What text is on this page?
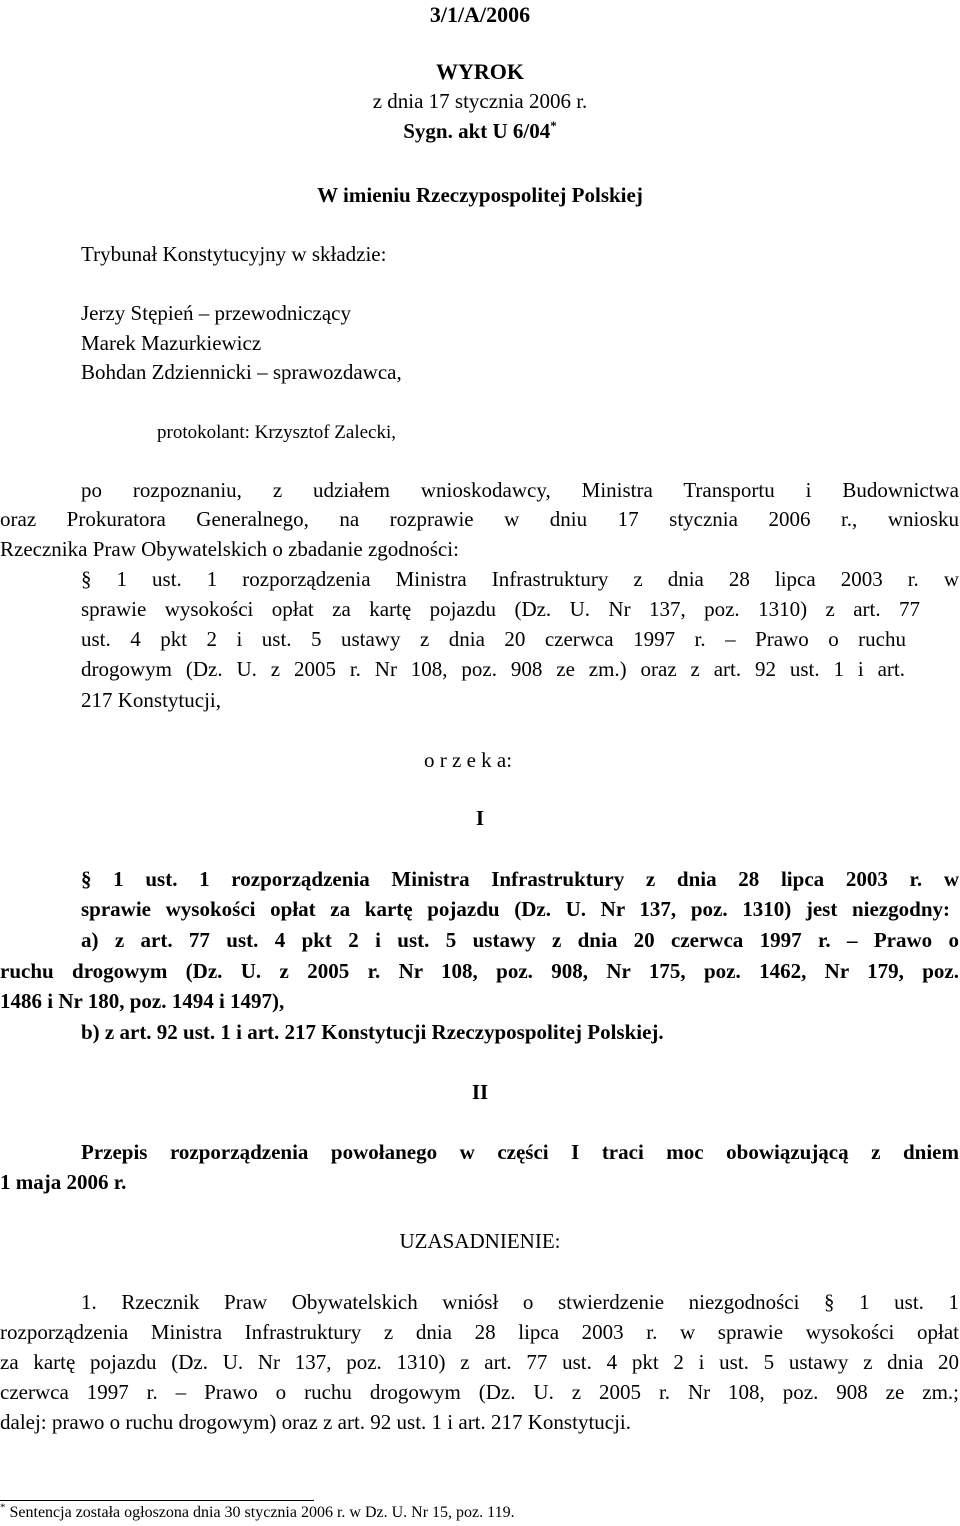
3/1/A/2006
WYROK
z dnia 17 stycznia 2006 r.
Sygn. akt U 6/04*
W imieniu Rzeczypospolitej Polskiej
Trybunał Konstytucyjny w składzie:
Jerzy Stępień – przewodniczący
Marek Mazurkiewicz
Bohdan Zdziennicki – sprawozdawca,
protokolant: Krzysztof Zalecki,
po rozpoznaniu, z udziałem wnioskodawcy, Ministra Transportu i Budownictwa
oraz Prokuratora Generalnego, na rozprawie w dniu 17 stycznia 2006 r., wniosku
Rzecznika Praw Obywatelskich o zbadanie zgodności:
§ 1 ust. 1 rozporządzenia Ministra Infrastruktury z dnia 28 lipca 2003 r. w
sprawie wysokości opłat za kartę pojazdu (Dz. U. Nr 137, poz. 1310) z art. 77
ust. 4 pkt 2 i ust. 5 ustawy z dnia 20 czerwca 1997 r. – Prawo o ruchu
drogowym (Dz. U. z 2005 r. Nr 108, poz. 908 ze zm.) oraz z art. 92 ust. 1 i art.
217 Konstytucji,
o r z e k a:
I
§ 1 ust. 1 rozporządzenia Ministra Infrastruktury z dnia 28 lipca 2003 r. w
sprawie wysokości opłat za kartę pojazdu (Dz. U. Nr 137, poz. 1310) jest niezgodny:
a) z art. 77 ust. 4 pkt 2 i ust. 5 ustawy z dnia 20 czerwca 1997 r. – Prawo o
ruchu drogowym (Dz. U. z 2005 r. Nr 108, poz. 908, Nr 175, poz. 1462, Nr 179, poz.
1486 i Nr 180, poz. 1494 i 1497),
b) z art. 92 ust. 1 i art. 217 Konstytucji Rzeczypospolitej Polskiej.
II
Przepis rozporządzenia powołanego w części I traci moc obowiązującą z dniem
1 maja 2006 r.
UZASADNIENIE:
1. Rzecznik Praw Obywatelskich wniósł o stwierdzenie niezgodności § 1 ust. 1
rozporządzenia Ministra Infrastruktury z dnia 28 lipca 2003 r. w sprawie wysokości opłat
za kartę pojazdu (Dz. U. Nr 137, poz. 1310) z art. 77 ust. 4 pkt 2 i ust. 5 ustawy z dnia 20
czerwca 1997 r. – Prawo o ruchu drogowym (Dz. U. z 2005 r. Nr 108, poz. 908 ze zm.;
dalej: prawo o ruchu drogowym) oraz z art. 92 ust. 1 i art. 217 Konstytucji.
* Sentencja została ogłoszona dnia 30 stycznia 2006 r. w Dz. U. Nr 15, poz. 119.
